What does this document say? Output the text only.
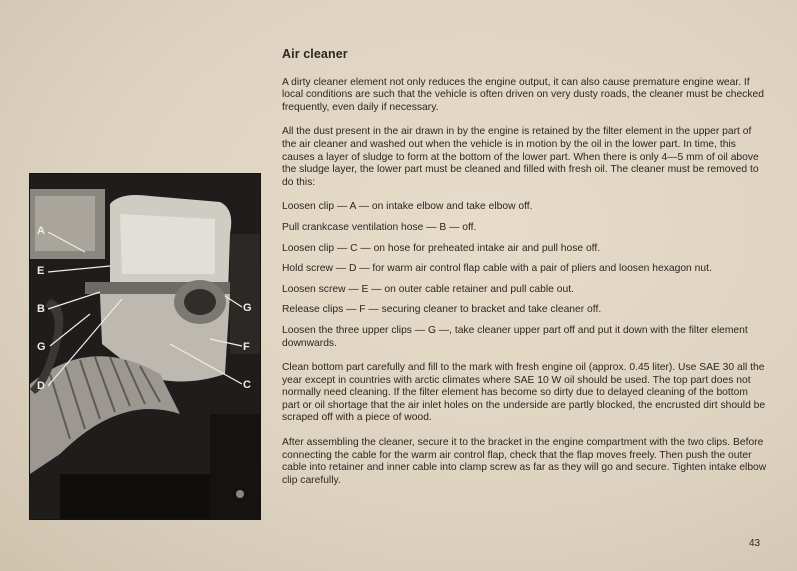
A
E
B
G
D
G
F
C
Air cleaner

A dirty cleaner element not only reduces the engine output, it can also cause premature engine wear. If local conditions are such that the vehicle is often driven on very dusty roads, the cleaner must be checked frequently, even daily if necessary.

All the dust present in the air drawn in by the engine is retained by the filter element in the upper part of the air cleaner and washed out when the vehicle is in motion by the oil in the lower part. In time, this causes a layer of sludge to form at the bottom of the lower part. When there is only 4—5 mm of oil above the sludge layer, the lower part must be cleaned and filled with fresh oil. The cleaner must be removed to do this:

Loosen clip — A — on intake elbow and take elbow off.

Pull crankcase ventilation hose — B — off.

Loosen clip — C — on hose for preheated intake air and pull hose off.

Hold screw — D — for warm air control flap cable with a pair of pliers and loosen hexagon nut.

Loosen screw — E — on outer cable retainer and pull cable out.

Release clips — F — securing cleaner to bracket and take cleaner off.

Loosen the three upper clips — G —, take cleaner upper part off and put it down with the filter element downwards.

Clean bottom part carefully and fill to the mark with fresh engine oil (approx. 0.45 liter). Use SAE 30 all the year except in countries with arctic climates where SAE 10 W oil should be used. The top part does not normally need cleaning. If the filter element has become so dirty due to delayed cleaning of the bottom part or oil shortage that the air inlet holes on the underside are partly blocked, the encrusted dirt should be scraped off with a piece of wood.

After assembling the cleaner, secure it to the bracket in the engine compartment with the two clips. Before connecting the cable for the warm air control flap, check that the flap moves freely. Then push the outer cable into retainer and inner cable into clamp screw as far as they will go and secure. Tighten intake elbow clip carefully.

43
